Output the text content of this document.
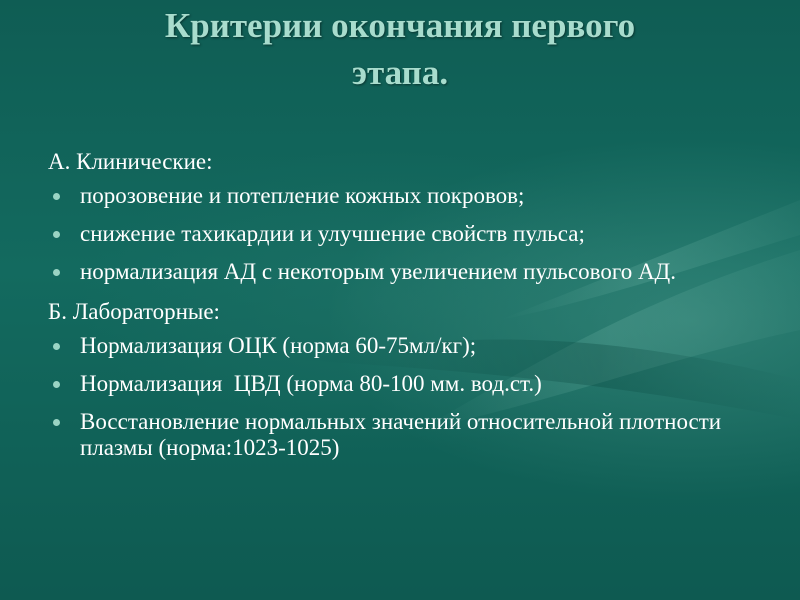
Критерии окончания первого
этапа.
А. Клинические:
порозовение и потепление кожных покровов;
снижение тахикардии и улучшение свойств пульса;
нормализация АД с некоторым увеличением пульсового АД.
Б. Лабораторные:
Нормализация ОЦК (норма 60-75мл/кг);
Нормализация  ЦВД (норма 80-100 мм. вод.ст.)
Восстановление нормальных значений относительной плотности плазмы (норма:1023-1025)
